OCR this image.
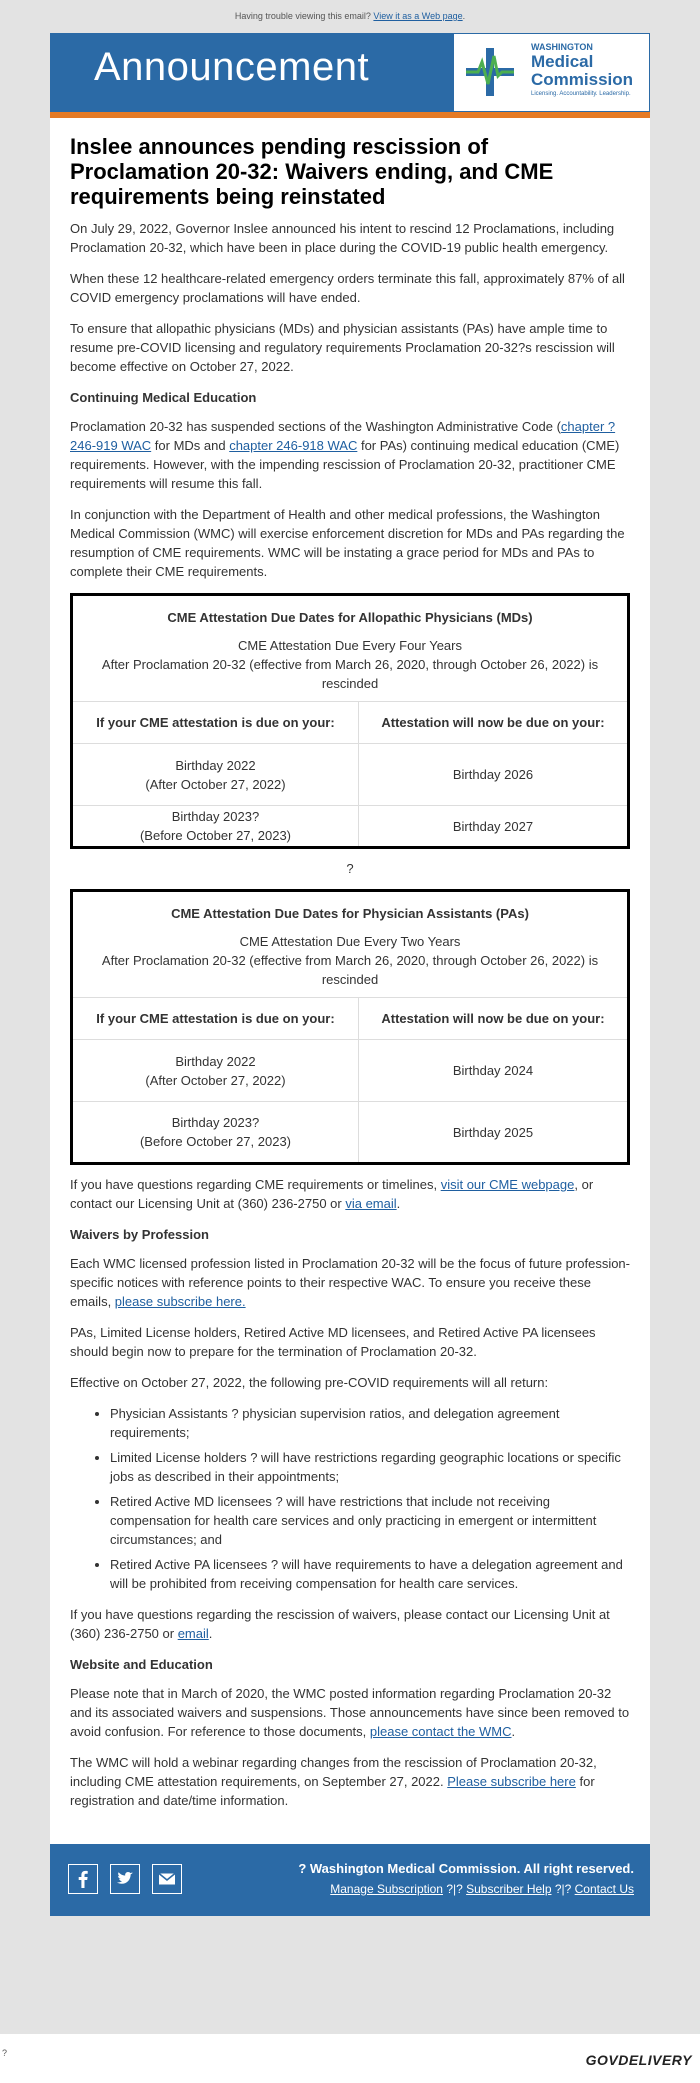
Having trouble viewing this email? View it as a Web page.
Announcement	WASHINGTON
Medical
Commission
Licensing. Accountability. Leadership.
Inslee announces pending rescission of Proclamation 20-32: Waivers ending, and CME requirements being reinstated

On July 29, 2022, Governor Inslee announced his intent to rescind 12 Proclamations, including Proclamation 20-32, which have been in place during the COVID-19 public health emergency.

When these 12 healthcare-related emergency orders terminate this fall, approximately 87% of all COVID emergency proclamations will have ended.

To ensure that allopathic physicians (MDs) and physician assistants (PAs) have ample time to resume pre-COVID licensing and regulatory requirements Proclamation 20-32?s rescission will become effective on October 27, 2022.

Continuing Medical Education

Proclamation 20-32 has suspended sections of the Washington Administrative Code (chapter ?246-919 WAC for MDs and chapter 246-918 WAC for PAs) continuing medical education (CME) requirements. However, with the impending rescission of Proclamation 20-32, practitioner CME requirements will resume this fall.

In conjunction with the Department of Health and other medical professions, the Washington Medical Commission (WMC) will exercise enforcement discretion for MDs and PAs regarding the resumption of CME requirements. WMC will be instating a grace period for MDs and PAs to complete their CME requirements.

CME Attestation Due Dates for Allopathic Physicians (MDs)
CME Attestation Due Every Four Years
After Proclamation 20-32 (effective from March 26, 2020, through October 26, 2022) is rescinded	

If your CME attestation is due on your:	Attestation will now be due on your:
Birthday 2022
(After October 27, 2022)	Birthday 2026
Birthday 2023?
(Before October 27, 2023)	Birthday 2027
?
CME Attestation Due Dates for Physician Assistants (PAs)
CME Attestation Due Every Two Years
After Proclamation 20-32 (effective from March 26, 2020, through October 26, 2022) is rescinded	

If your CME attestation is due on your:	Attestation will now be due on your:
Birthday 2022
(After October 27, 2022)	Birthday 2024
Birthday 2023?
(Before October 27, 2023)	Birthday 2025

If you have questions regarding CME requirements or timelines, visit our CME webpage, or contact our Licensing Unit at (360) 236-2750 or via email.

Waivers by Profession

Each WMC licensed profession listed in Proclamation 20-32 will be the focus of future profession-specific notices with reference points to their respective WAC. To ensure you receive these emails, please subscribe here.

PAs, Limited License holders, Retired Active MD licensees, and Retired Active PA licensees should begin now to prepare for the termination of Proclamation 20-32.

Effective on October 27, 2022, the following pre-COVID requirements will all return:

• Physician Assistants ? physician supervision ratios, and delegation agreement requirements;
• Limited License holders ? will have restrictions regarding geographic locations or specific jobs as described in their appointments;
• Retired Active MD licensees ? will have restrictions that include not receiving compensation for health care services and only practicing in emergent or intermittent circumstances; and
• Retired Active PA licensees ? will have requirements to have a delegation agreement and will be prohibited from receiving compensation for health care services.

If you have questions regarding the rescission of waivers, please contact our Licensing Unit at (360) 236-2750 or email.

Website and Education

Please note that in March of 2020, the WMC posted information regarding Proclamation 20-32 and its associated waivers and suspensions. Those announcements have since been removed to avoid confusion. For reference to those documents, please contact the WMC.

The WMC will hold a webinar regarding changes from the rescission of Proclamation 20-32, including CME attestation requirements, on September 27, 2022. Please subscribe here for registration and date/time information.

? Washington Medical Commission. All right reserved.
Manage Subscription ?|? Subscriber Help ?|? Contact Us
?	GOVDELIVERY
